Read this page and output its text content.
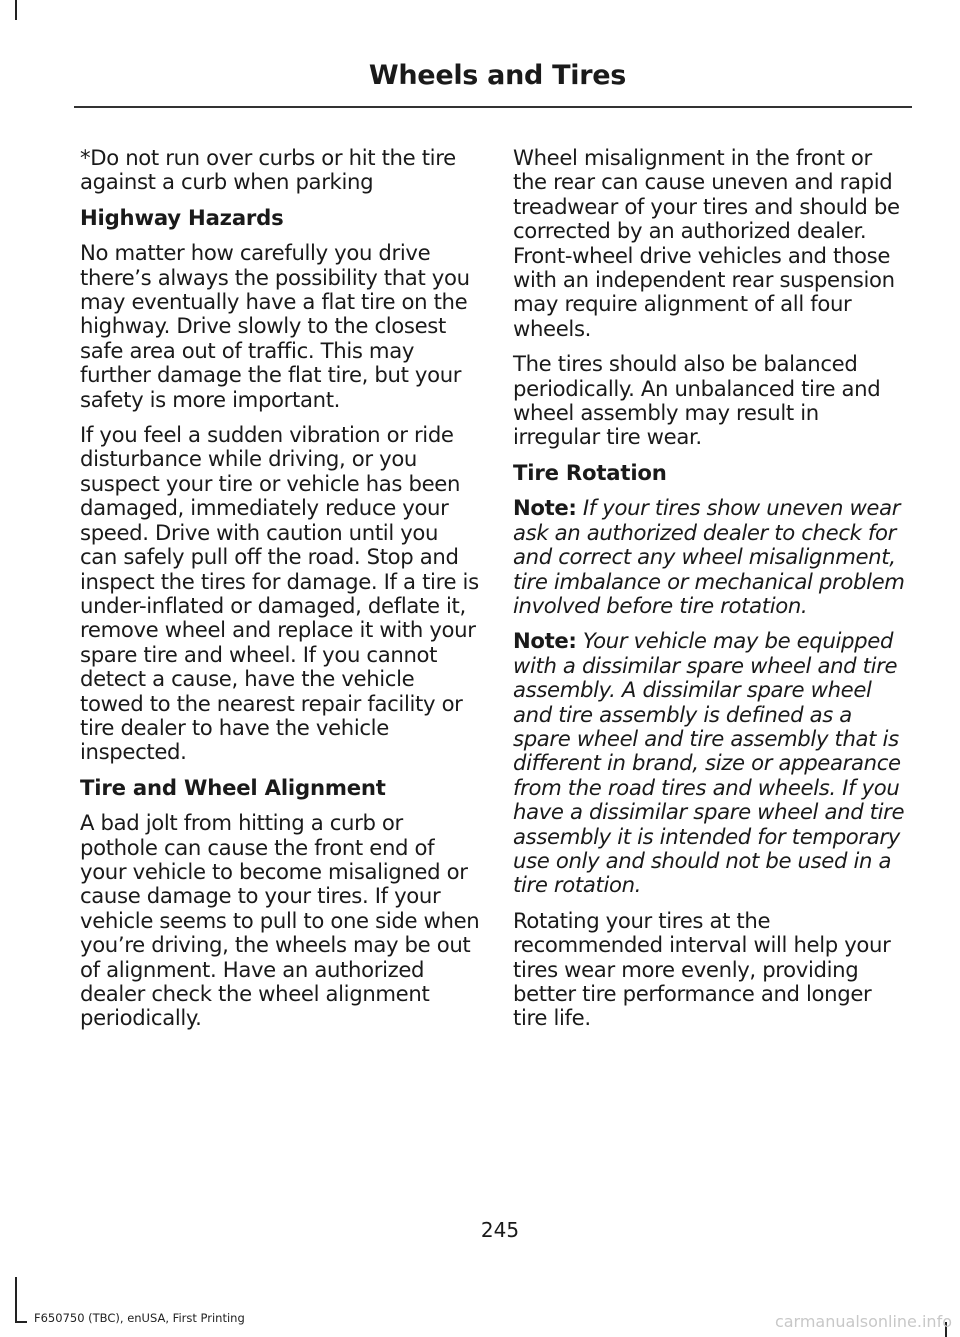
Wheels and Tires

*Do not run over curbs or hit the tire against a curb when parking

Highway Hazards

No matter how carefully you drive there’s always the possibility that you may eventually have a flat tire on the highway. Drive slowly to the closest safe area out of traffic. This may further damage the flat tire, but your safety is more important.

If you feel a sudden vibration or ride disturbance while driving, or you suspect your tire or vehicle has been damaged, immediately reduce your speed. Drive with caution until you can safely pull off the road. Stop and inspect the tires for damage. If a tire is under-inflated or damaged, deflate it, remove wheel and replace it with your spare tire and wheel. If you cannot detect a cause, have the vehicle towed to the nearest repair facility or tire dealer to have the vehicle inspected.

Tire and Wheel Alignment

A bad jolt from hitting a curb or pothole can cause the front end of your vehicle to become misaligned or cause damage to your tires. If your vehicle seems to pull to one side when you’re driving, the wheels may be out of alignment. Have an authorized dealer check the wheel alignment periodically.

Wheel misalignment in the front or the rear can cause uneven and rapid treadwear of your tires and should be corrected by an authorized dealer. Front-wheel drive vehicles and those with an independent rear suspension may require alignment of all four wheels.

The tires should also be balanced periodically. An unbalanced tire and wheel assembly may result in irregular tire wear.

Tire Rotation

Note: If your tires show uneven wear ask an authorized dealer to check for and correct any wheel misalignment, tire imbalance or mechanical problem involved before tire rotation.

Note: Your vehicle may be equipped with a dissimilar spare wheel and tire assembly. A dissimilar spare wheel and tire assembly is defined as a spare wheel and tire assembly that is different in brand, size or appearance from the road tires and wheels. If you have a dissimilar spare wheel and tire assembly it is intended for temporary use only and should not be used in a tire rotation.

Rotating your tires at the recommended interval will help your tires wear more evenly, providing better tire performance and longer tire life.

245
F650750 (TBC), enUSA, First Printing	carmanualsonline.info
